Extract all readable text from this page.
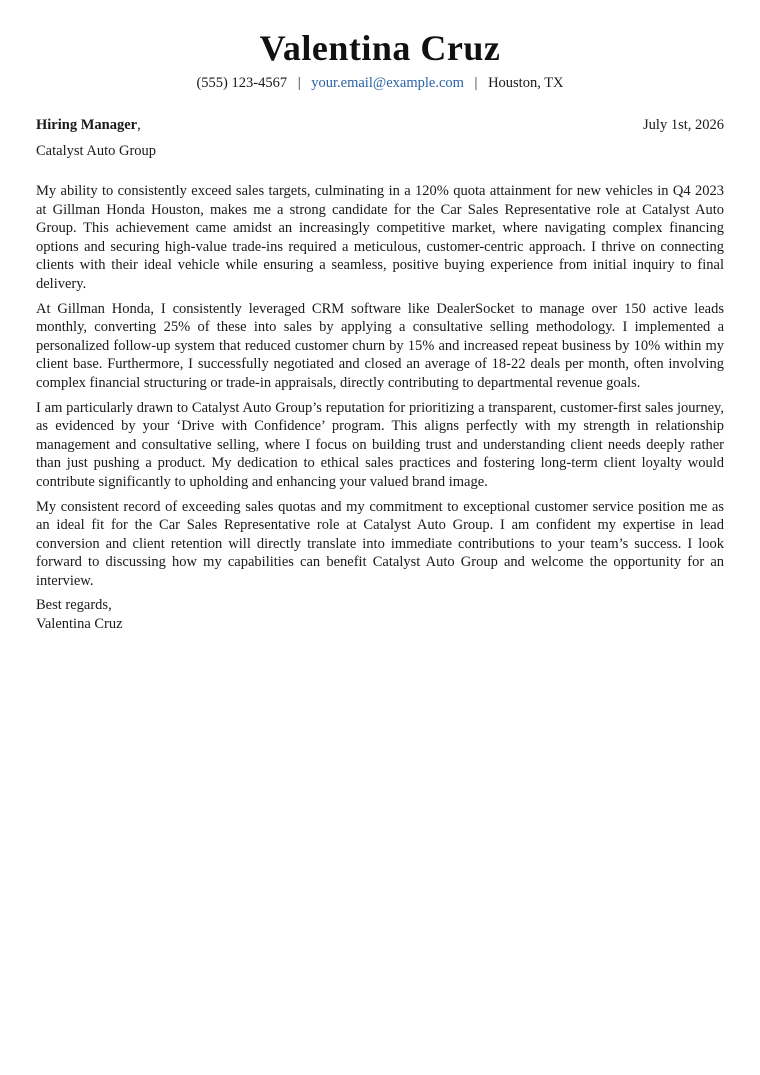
Valentina Cruz
(555) 123-4567 | your.email@example.com | Houston, TX
Hiring Manager,	July 1st, 2026
Catalyst Auto Group

My ability to consistently exceed sales targets, culminating in a 120% quota attainment for new vehicles in Q4 2023 at Gillman Honda Houston, makes me a strong candidate for the Car Sales Representative role at Catalyst Auto Group. This achievement came amidst an increasingly competitive market, where navigating complex financing options and securing high-value trade-ins required a meticulous, customer-centric approach. I thrive on connecting clients with their ideal vehicle while ensuring a seamless, positive buying experience from initial inquiry to final delivery.

At Gillman Honda, I consistently leveraged CRM software like DealerSocket to manage over 150 active leads monthly, converting 25% of these into sales by applying a consultative selling methodology. I implemented a personalized follow-up system that reduced customer churn by 15% and increased repeat business by 10% within my client base. Furthermore, I successfully negotiated and closed an average of 18-22 deals per month, often involving complex financial structuring or trade-in appraisals, directly contributing to departmental revenue goals.

I am particularly drawn to Catalyst Auto Group’s reputation for prioritizing a transparent, customer-first sales journey, as evidenced by your ‘Drive with Confidence’ program. This aligns perfectly with my strength in relationship management and consultative selling, where I focus on building trust and understanding client needs deeply rather than just pushing a product. My dedication to ethical sales practices and fostering long-term client loyalty would contribute significantly to upholding and enhancing your valued brand image.

My consistent record of exceeding sales quotas and my commitment to exceptional customer service position me as an ideal fit for the Car Sales Representative role at Catalyst Auto Group. I am confident my expertise in lead conversion and client retention will directly translate into immediate contributions to your team’s success. I look forward to discussing how my capabilities can benefit Catalyst Auto Group and welcome the opportunity for an interview.

Best regards,
Valentina Cruz
